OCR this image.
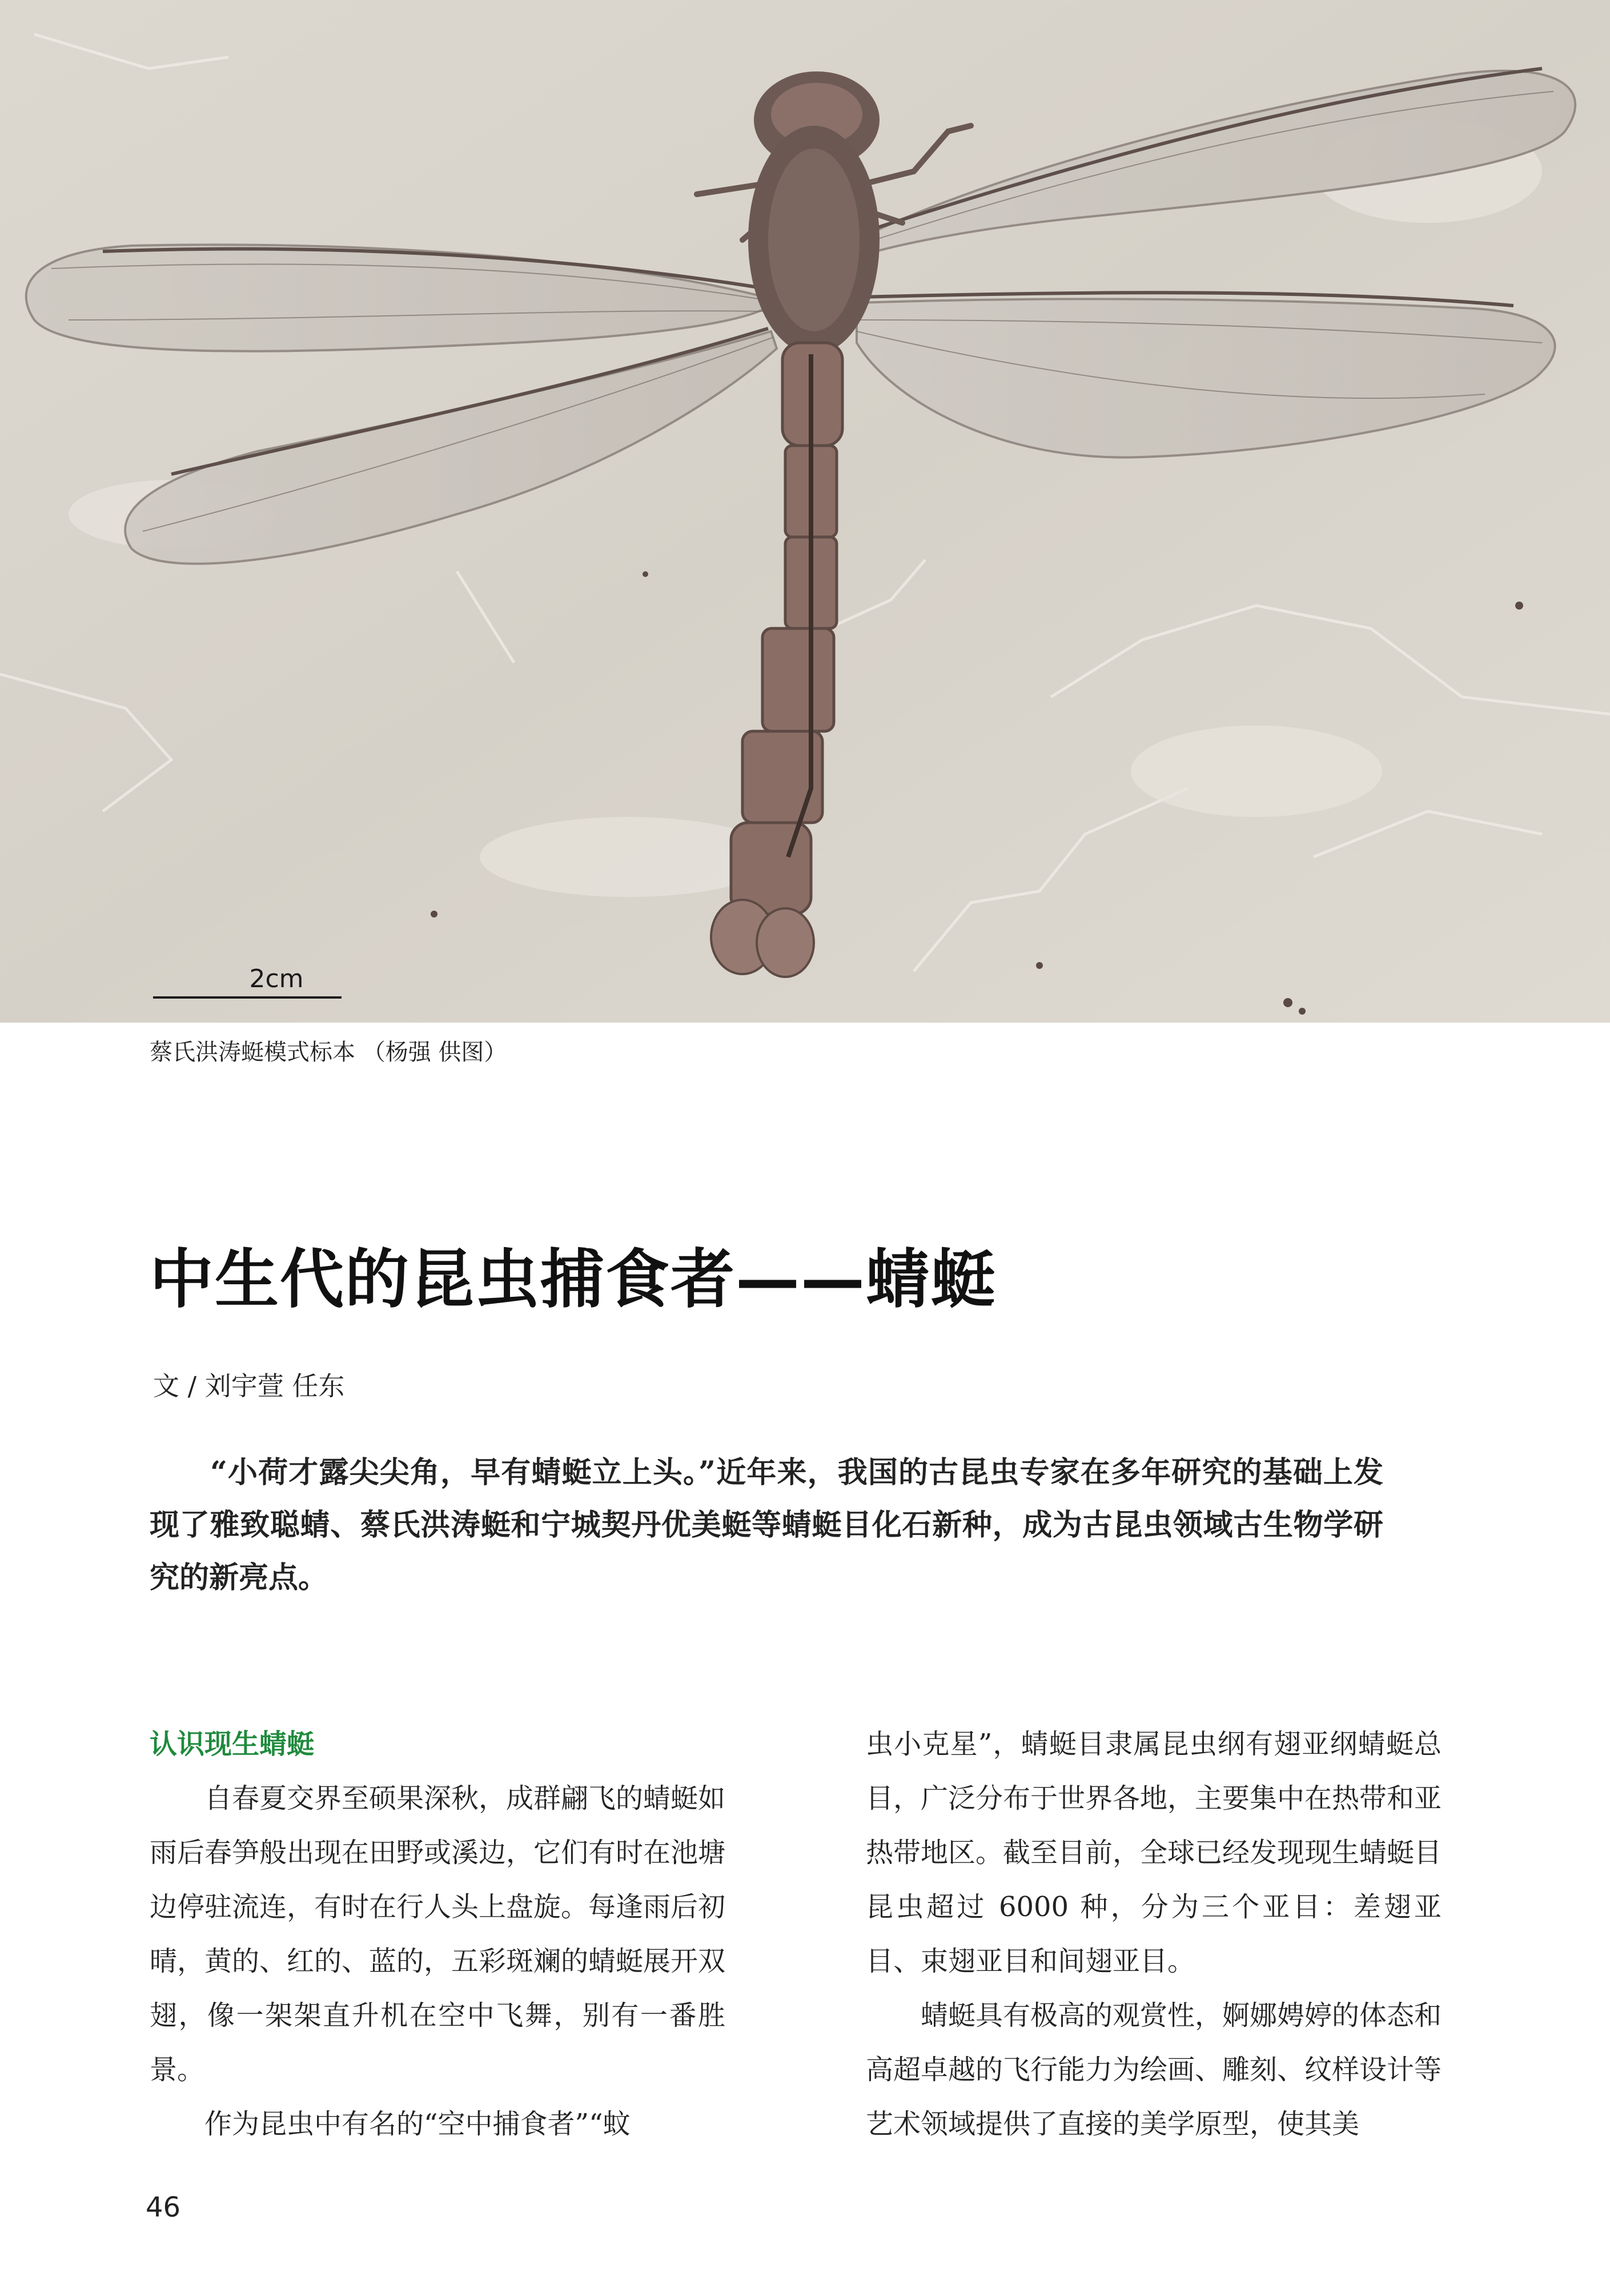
2cm
蔡氏洪涛蜓模式标本 （杨强 供图）
中生代的昆虫捕食者——蜻蜓
文 / 刘宇萱 任东

“小荷才露尖尖角，早有蜻蜓立上头。”近年来，我国的古昆虫专家在多年研究的基础上发现了雅致聪蜻、蔡氏洪涛蜓和宁城契丹优美蜓等蜻蜓目化石新种，成为古昆虫领域古生物学研究的新亮点。

认识现生蜻蜓

自春夏交界至硕果深秋，成群翩飞的蜻蜓如雨后春笋般出现在田野或溪边，它们有时在池塘边停驻流连，有时在行人头上盘旋。每逢雨后初晴，黄的、红的、蓝的，五彩斑斓的蜻蜓展开双翅，像一架架直升机在空中飞舞，别有一番胜景。

作为昆虫中有名的“空中捕食者”“蚊

虫小克星”，蜻蜓目隶属昆虫纲有翅亚纲蜻蜓总目，广泛分布于世界各地，主要集中在热带和亚热带地区。截至目前，全球已经发现现生蜻蜓目昆虫超过 6000 种，分为三个亚目：差翅亚目、束翅亚目和间翅亚目。

蜻蜓具有极高的观赏性，婀娜娉婷的体态和高超卓越的飞行能力为绘画、雕刻、纹样设计等艺术领域提供了直接的美学原型，使其美

46
